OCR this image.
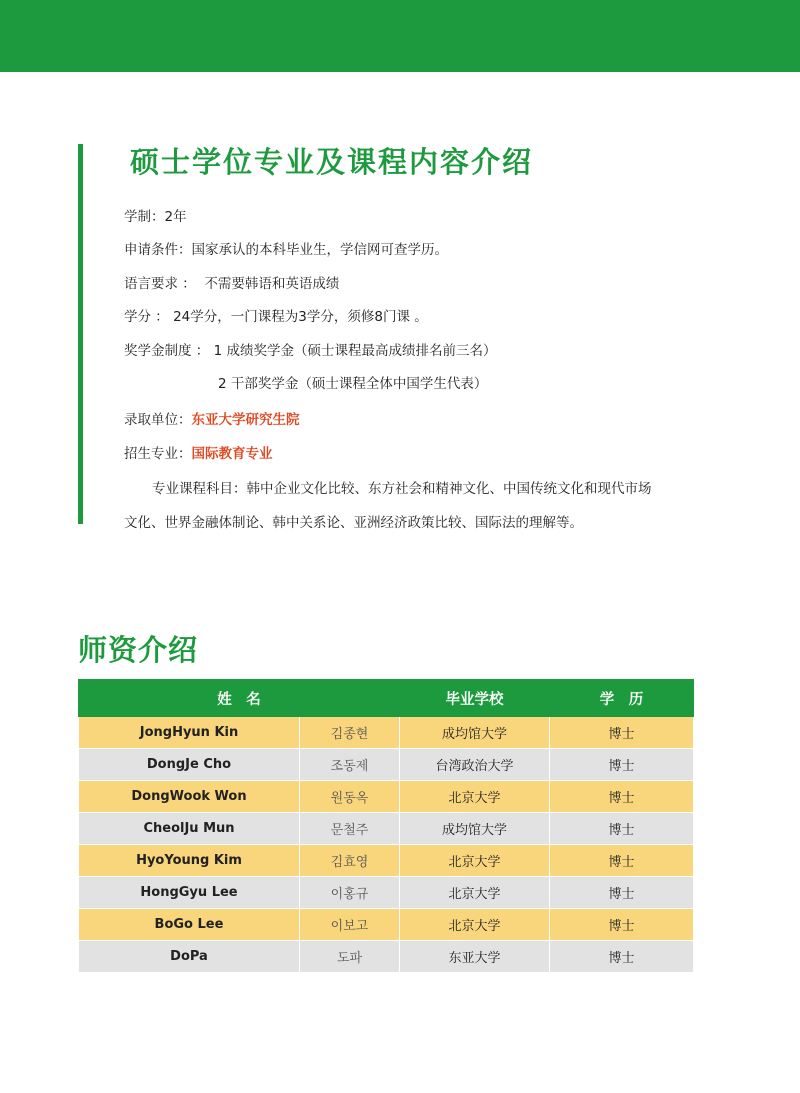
硕士学位专业及课程内容介绍
学制：2年
申请条件：国家承认的本科毕业生，学信网可查学历。
语言要求 ： 不需要韩语和英语成绩
学分 ： 24学分，一门课程为3学分，须修8门课 。
奖学金制度 ： 1 成绩奖学金（硕士课程最高成绩排名前三名）
2 干部奖学金（硕士课程全体中国学生代表）
录取单位：东亚大学研究生院
招生专业：国际教育专业
专业课程科目：韩中企业文化比较、东方社会和精神文化、中国传统文化和现代市场
文化、世界金融体制论、韩中关系论、亚洲经济政策比较、国际法的理解等。
师资介绍
姓　名		毕业学校	学　历
JongHyun Kin	김종현	成均馆大学	博士
DongJe Cho	조동제	台湾政治大学	博士
DongWook Won	원동옥	北京大学	博士
CheolJu Mun	문철주	成均馆大学	博士
HyoYoung Kim	김효영	北京大学	博士
HongGyu Lee	이홍규	北京大学	博士
BoGo Lee	이보고	北京大学	博士
DoPa	도파	东亚大学	博士
